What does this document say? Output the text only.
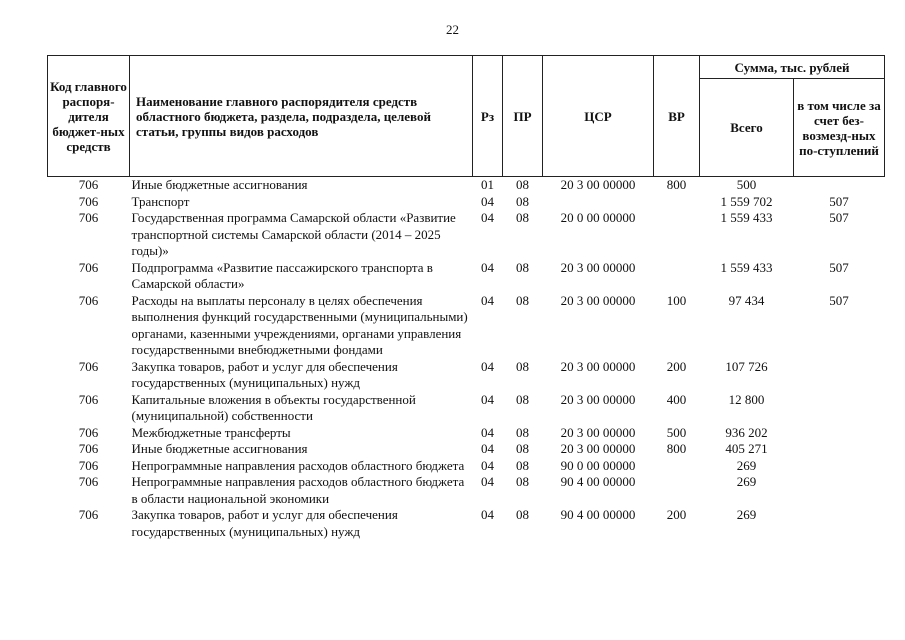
22
Код главного распоря-дителя бюджет-ных средств	Наименование главного распорядителя средств областного бюджета, раздела, подраздела, целевой статьи, группы видов расходов	Рз	ПР	ЦСР	ВР	Сумма, тыс. рублей	
						Всего	в том числе за счет без-возмезд-ных по-ступлений
706	Иные бюджетные ассигнования	01	08	20 3 00 00000	800	500	
706	Транспорт	04	08			1 559 702	507
706	Государственная программа Самарской области «Развитие транспортной системы Самарской области (2014 – 2025 годы)»	04	08	20 0 00 00000		1 559 433	507
706	Подпрограмма «Развитие пассажирского транспорта в Самарской области»	04	08	20 3 00 00000		1 559 433	507
706	Расходы на выплаты персоналу в целях обеспечения выполнения функций государственными (муниципальными) органами, казенными учреждениями, органами управления государственными внебюджетными фондами	04	08	20 3 00 00000	100	97 434	507
706	Закупка товаров, работ и услуг для обеспечения государственных (муниципальных) нужд	04	08	20 3 00 00000	200	107 726	
706	Капитальные вложения в объекты государственной (муниципальной) собственности	04	08	20 3 00 00000	400	12 800	
706	Межбюджетные трансферты	04	08	20 3 00 00000	500	936 202	
706	Иные бюджетные ассигнования	04	08	20 3 00 00000	800	405 271	
706	Непрограммные направления расходов областного бюджета	04	08	90 0 00 00000		269	
706	Непрограммные направления расходов областного бюджета в области национальной экономики	04	08	90 4 00 00000		269	
706	Закупка товаров, работ и услуг для обеспечения государственных (муниципальных) нужд	04	08	90 4 00 00000	200	269	
